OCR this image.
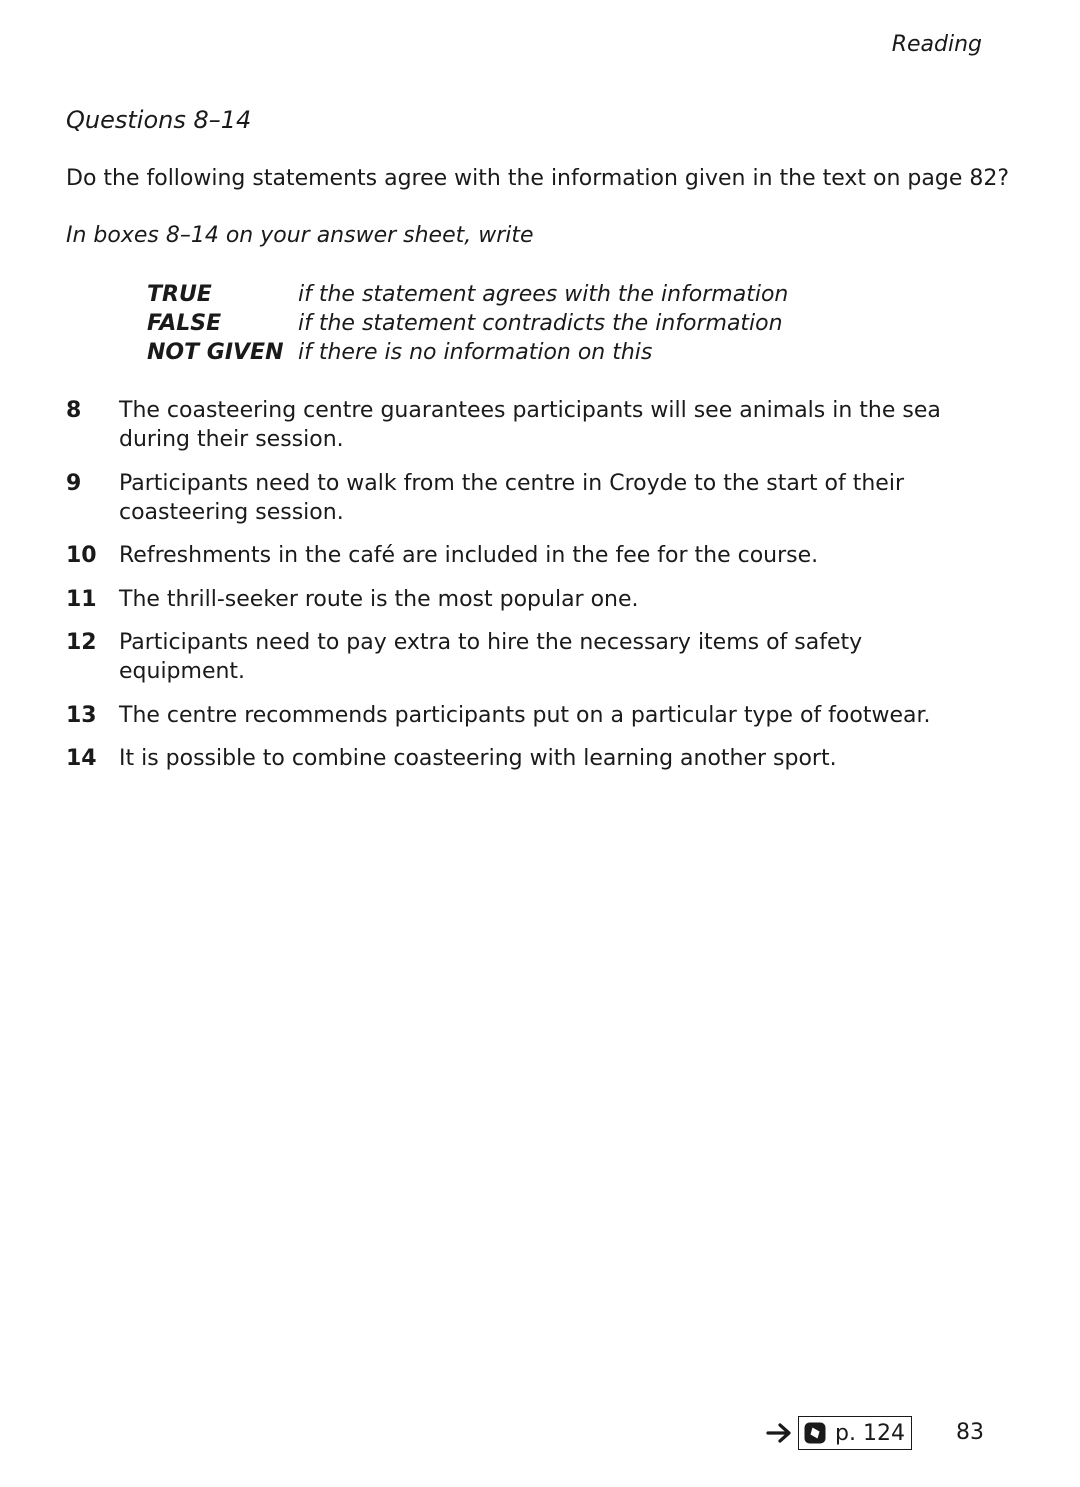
Reading
Questions 8–14
Do the following statements agree with the information given in the text on page 82?
In boxes 8–14 on your answer sheet, write
TRUE	if the statement agrees with the information
FALSE	if the statement contradicts the information
NOT GIVEN if there is no information on this
8	The coasteering centre guarantees participants will see animals in the sea during their session.
9	Participants need to walk from the centre in Croyde to the start of their coasteering session.
10	Refreshments in the café are included in the fee for the course.
11	The thrill-seeker route is the most popular one.
12	Participants need to pay extra to hire the necessary items of safety equipment.
13	The centre recommends participants put on a particular type of footwear.
14	It is possible to combine coasteering with learning another sport.
p. 124 83
